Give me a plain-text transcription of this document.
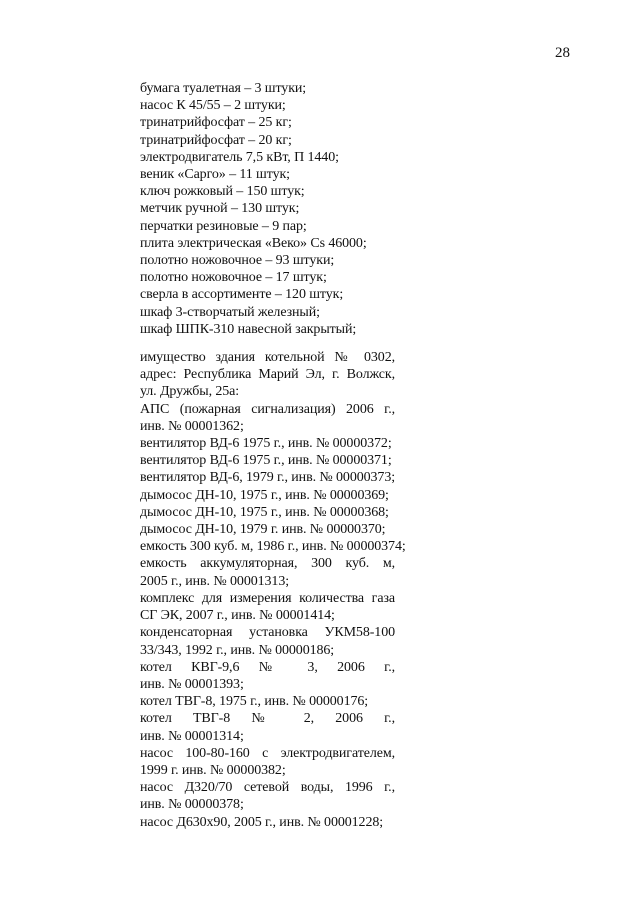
28
бумага туалетная – 3 штуки;
насос К 45/55 – 2 штуки;
тринатрийфосфат – 25 кг;
тринатрийфосфат – 20 кг;
электродвигатель 7,5 кВт, П 1440;
веник «Сарго» – 11 штук;
ключ рожковый – 150 штук;
метчик ручной – 130 штук;
перчатки резиновые – 9 пар;
плита электрическая «Веко» Cs 46000;
полотно ножовочное – 93 штуки;
полотно ножовочное – 17 штук;
сверла в ассортименте – 120 штук;
шкаф 3-створчатый железный;
шкаф ШПК-310 навесной закрытый;
имущество здания котельной № 0302,
адрес: Республика Марий Эл, г. Волжск,
ул. Дружбы, 25а:
АПС (пожарная сигнализация) 2006 г.,
инв. № 00001362;
вентилятор ВД-6 1975 г., инв. № 00000372;
вентилятор ВД-6 1975 г., инв. № 00000371;
вентилятор ВД-6, 1979 г., инв. № 00000373;
дымосос ДН-10, 1975 г., инв. № 00000369;
дымосос ДН-10, 1975 г., инв. № 00000368;
дымосос ДН-10, 1979 г. инв. № 00000370;
емкость 300 куб. м, 1986 г., инв. № 00000374;
емкость аккумуляторная, 300 куб. м,
2005 г., инв. № 00001313;
комплекс для измерения количества газа
СГ ЭК, 2007 г., инв. № 00001414;
конденсаторная установка УКМ58-100
33/343, 1992 г., инв. № 00000186;
котел КВГ-9,6 № 3, 2006 г.,
инв. № 00001393;
котел ТВГ-8, 1975 г., инв. № 00000176;
котел ТВГ-8 № 2, 2006 г.,
инв. № 00001314;
насос 100-80-160 с электродвигателем,
1999 г. инв. № 00000382;
насос Д320/70 сетевой воды, 1996 г.,
инв. № 00000378;
насос Д630х90, 2005 г., инв. № 00001228;
